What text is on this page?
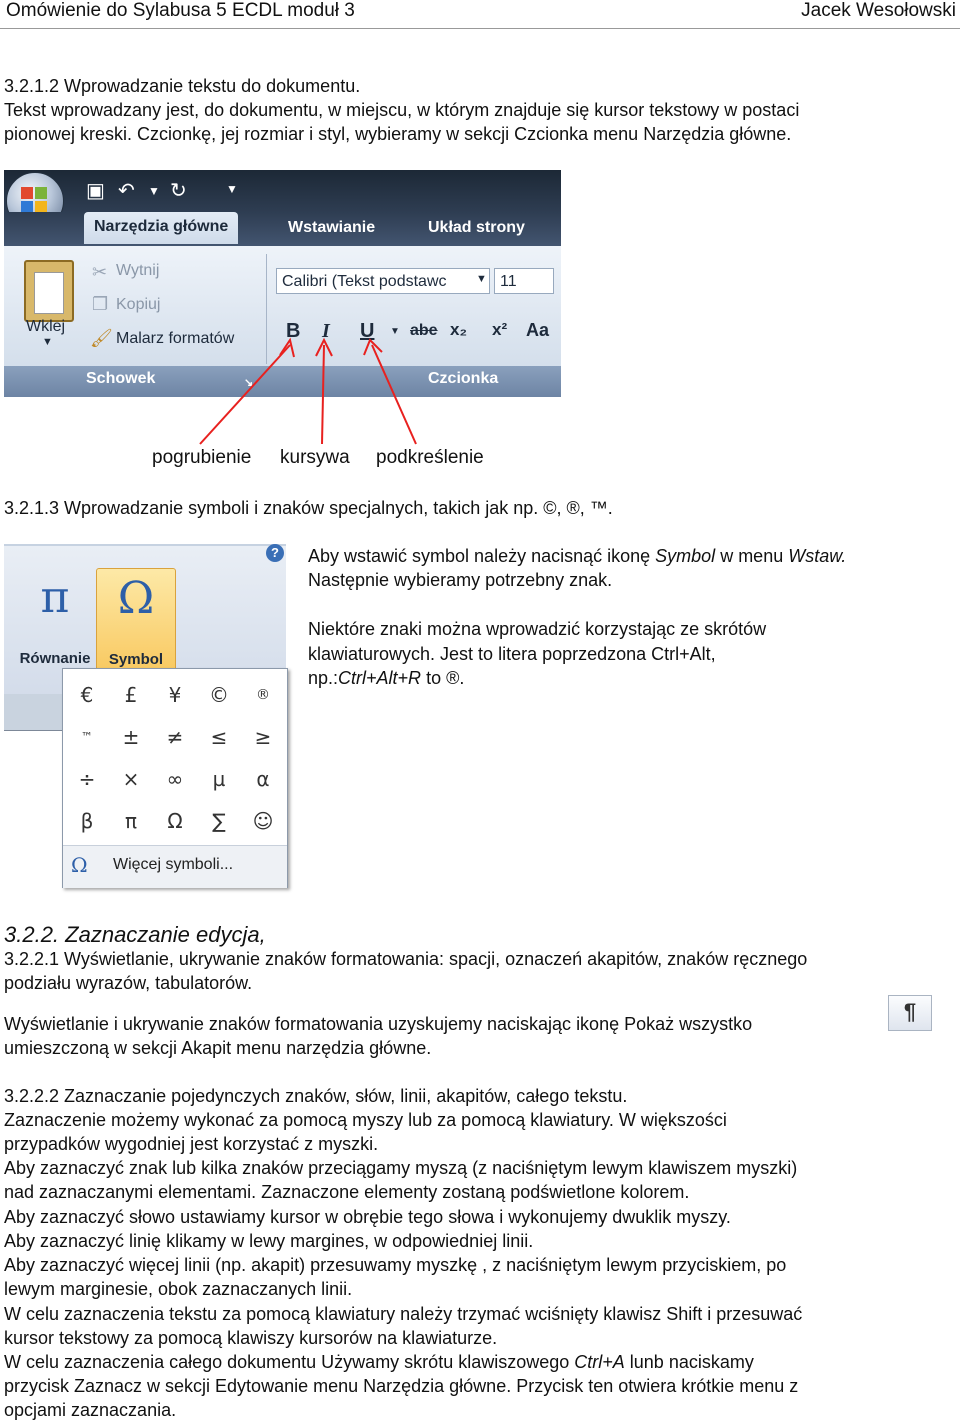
Omówienie do Sylabusa 5 ECDL moduł 3	Jacek Wesołowski
3.2.1.2 Wprowadzanie tekstu do dokumentu.
Tekst wprowadzany jest, do dokumentu, w miejscu, w którym znajduje się kursor tekstowy w postaci
pionowej kreski. Czcionkę, jej rozmiar i styl, wybieramy w sekcji Czcionka menu Narzędzia główne.
▣ ↶ ▼ ↻	▼
Narzędzia główne	Wstawianie	Układ strony
Wklej
▼
✂ Wytnij
❐ Kopiuj
🖌 Malarz formatów
Calibri (Tekst podstawc	▼ 11
B I U ▼ abe x₂ x² Aa
Schowek	↘	Czcionka
pogrubienie kursywa podkreślenie
3.2.1.3 Wprowadzanie symboli i znaków specjalnych, takich jak np. ©, ®, ™.
Aby wstawić symbol należy nacisnąć ikonę Symbol w menu Wstaw.
Następnie wybieramy potrzebny znak.
Niektóre znaki można wprowadzić korzystając ze skrótów
klawiaturowych. Jest to litera poprzedzona Ctrl+Alt,
np.:Ctrl+Alt+R to ®.
?
π
Równanie
Ω
Symbol
€	£	¥	©	®
™	±	≠	≤	≥
÷	×	∞	µ	α
β	π	Ω	∑	☺
Ω Więcej symboli...
3.2.2. Zaznaczanie edycja,
3.2.2.1 Wyświetlanie, ukrywanie znaków formatowania: spacji, oznaczeń akapitów, znaków ręcznego
podziału wyrazów, tabulatorów.
Wyświetlanie i ukrywanie znaków formatowania uzyskujemy naciskając ikonę Pokaż wszystko
umieszczoną w sekcji Akapit menu narzędzia główne.
¶
3.2.2.2 Zaznaczanie pojedynczych znaków, słów, linii, akapitów, całego tekstu.
Zaznaczenie możemy wykonać za pomocą myszy lub za pomocą klawiatury. W większości
przypadków wygodniej jest korzystać z myszki.
Aby zaznaczyć znak lub kilka znaków przeciągamy myszą (z naciśniętym lewym klawiszem myszki)
nad zaznaczanymi elementami. Zaznaczone elementy zostaną podświetlone kolorem.
Aby zaznaczyć słowo ustawiamy kursor w obrębie tego słowa i wykonujemy dwuklik myszy.
Aby zaznaczyć linię klikamy w lewy margines, w odpowiedniej linii.
Aby zaznaczyć więcej linii (np. akapit) przesuwamy myszkę , z naciśniętym lewym przyciskiem, po
lewym marginesie, obok zaznaczanych linii.
W celu zaznaczenia tekstu za pomocą klawiatury należy trzymać wciśnięty klawisz Shift i przesuwać
kursor tekstowy za pomocą klawiszy kursorów na klawiaturze.
W celu zaznaczenia całego dokumentu Używamy skrótu klawiszowego Ctrl+A lunb naciskamy
przycisk Zaznacz w sekcji Edytowanie menu Narzędzia główne. Przycisk ten otwiera krótkie menu z
opcjami zaznaczania.
